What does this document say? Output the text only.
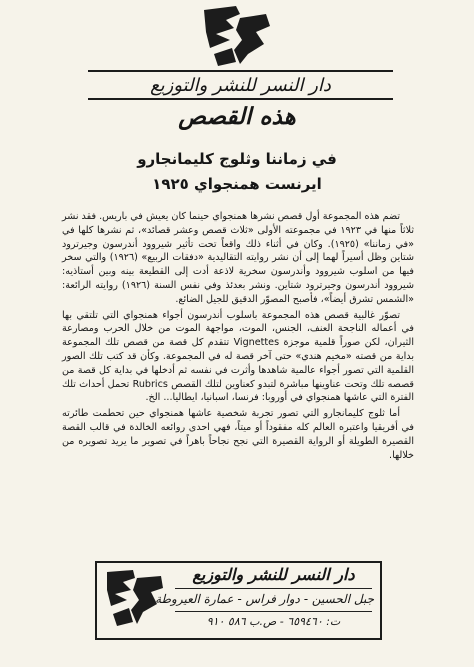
دار النسر للنشر والتوزيع
هذه القصص
في زماننا وثلوج كليمانجارو
ايرنست همنجواي ١٩٢٥

تضم هذه المجموعة أول قصص نشرها همنجواي حينما كان يعيش في باريس. فقد نشر ثلاثاً منها في ١٩٢٣ في مجموعته الأولى «ثلاث قصص وعشر قصائد»، ثم نشرها كلها في «في زماننا» (١٩٢٥). وكان في أثناء ذلك واقعاً تحت تأثير شيروود أندرسون وجيرترود شتاين وظل أسيراً لهما إلى أن نشر روايته التقاليدية «دفقات الربيع» (١٩٢٦) والتي سخر فيها من اسلوب شيروود وأندرسون سخرية لاذعة أدت إلى القطيعة بينه وبين أستاذيه: شيروود أندرسون وجيرترود شتاين. ونشر بعدئذ وفي نفس السنة (١٩٢٦) روايته الرائعة: «الشمس تشرق أيضاً»، فأصبح المصوّر الدقيق للجيل الضائع.

تصوّر غالبية قصص هذه المجموعة باسلوب أندرسون أجواء همنجواي التي تلتقي بها في أعماله الناجحة العنف، الجنس، الموت، مواجهة الموت من خلال الحرب ومصارعة الثيران، لكن صوراً قلمية موجزة Vignettes تتقدم كل قصة من قصص تلك المجموعة بداية من قصته «مخيم هندي» حتى آخر قصة له في المجموعة. وكأن قد كتب تلك الصور القلمية التي تصور أجواء عالمية شاهدها وأثرت في نفسه ثم أدخلها في بداية كل قصة من قصصه تلك وتحت عناوينها مباشرة لتبدو كعناوين لتلك القصص Rubrics تحمل أحداث تلك الفترة التي عاشها همنجواي في أوروبا: فرنسا، اسبانيا، ايطاليا... الخ.

أما ثلوج كليمانجارو التي تصور تجربة شخصية عاشها همنجواي حين تحطمت طائرته في أفريقيا واعتبره العالم كله مفقوداً أو ميتاً، فهي احدى روائعه الخالدة في قالب القصة القصيرة الطويلة أو الرواية القصيرة التي نجح نجاحاً باهراً في تصوير ما يريد تصويره من خلالها.

دار النسر للنشر والتوزيع
جبل الحسين - دوار فراس - عمارة العيروطة
ت: ٦٥٩٤٦٠ - ص.ب ٥٨٦ ٩١٠
